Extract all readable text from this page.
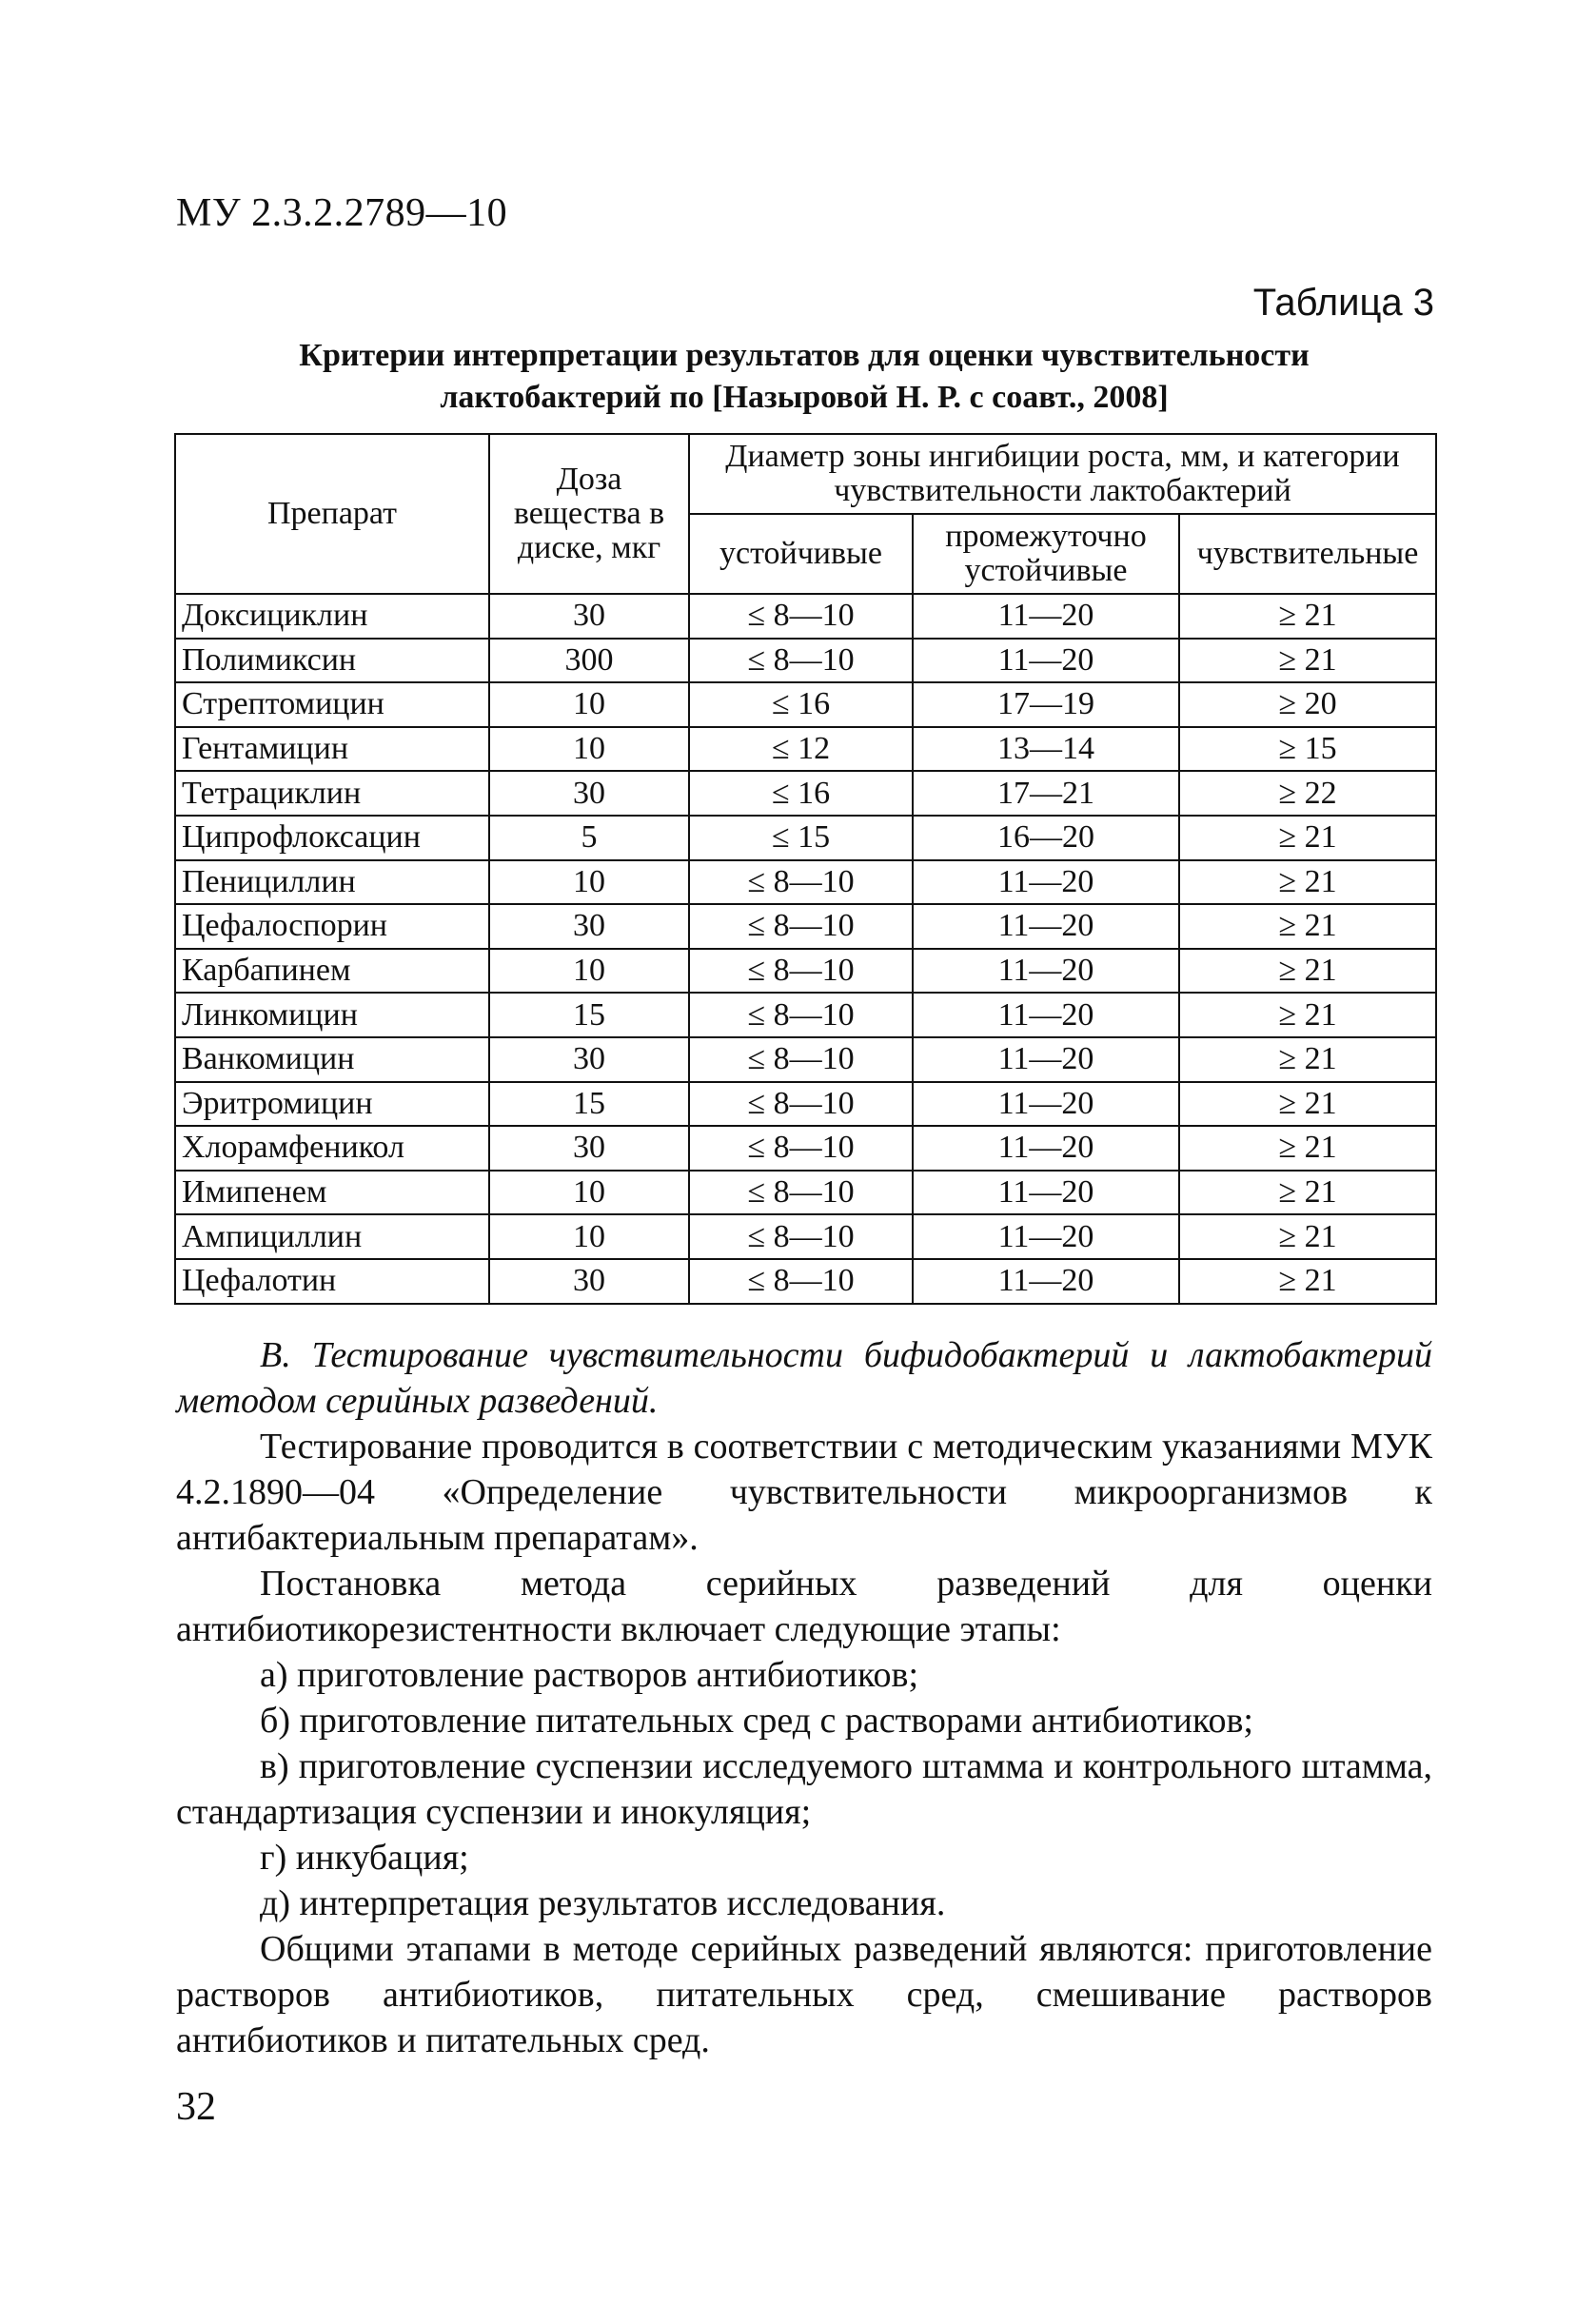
МУ 2.3.2.2789—10
Таблица 3
Критерии интерпретации результатов для оценки чувствительности
лактобактерий по [Назыровой Н. Р. с соавт., 2008]
Препарат	Доза вещества в диске, мкг	Диаметр зоны ингибиции роста, мм, и категории чувствительности лактобактерий		
		устойчивые	промежуточно устойчивые	чувствительные
Доксициклин	30	≤ 8—10	11—20	≥ 21
Полимиксин	300	≤ 8—10	11—20	≥ 21
Стрептомицин	10	≤ 16	17—19	≥ 20
Гентамицин	10	≤ 12	13—14	≥ 15
Тетрациклин	30	≤ 16	17—21	≥ 22
Ципрофлоксацин	5	≤ 15	16—20	≥ 21
Пенициллин	10	≤ 8—10	11—20	≥ 21
Цефалоспорин	30	≤ 8—10	11—20	≥ 21
Карбапинем	10	≤ 8—10	11—20	≥ 21
Линкомицин	15	≤ 8—10	11—20	≥ 21
Ванкомицин	30	≤ 8—10	11—20	≥ 21
Эритромицин	15	≤ 8—10	11—20	≥ 21
Хлорамфеникол	30	≤ 8—10	11—20	≥ 21
Имипенем	10	≤ 8—10	11—20	≥ 21
Ампициллин	10	≤ 8—10	11—20	≥ 21
Цефалотин	30	≤ 8—10	11—20	≥ 21

В. Тестирование чувствительности бифидобактерий и лактобактерий методом серийных разведений.

Тестирование проводится в соответствии с методическим указаниями МУК 4.2.1890—04 «Определение чувствительности микроорганизмов к антибактериальным препаратам».

Постановка метода серийных разведений для оценки антибиотикорезистентности включает следующие этапы:

а) приготовление растворов антибиотиков;

б) приготовление питательных сред с растворами антибиотиков;

в) приготовление суспензии исследуемого штамма и контрольного штамма, стандартизация суспензии и инокуляция;

г) инкубация;

д) интерпретация результатов исследования.

Общими этапами в методе серийных разведений являются: приготовление растворов антибиотиков, питательных сред, смешивание растворов антибиотиков и питательных сред.

32
